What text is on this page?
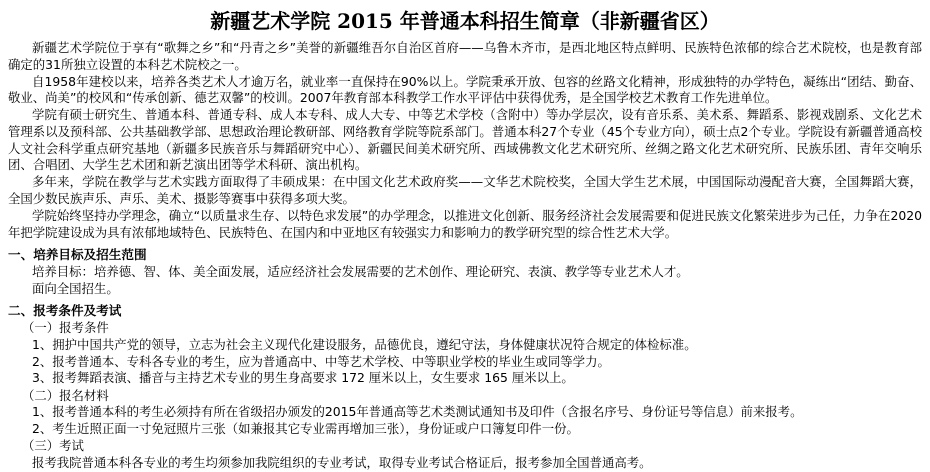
新疆艺术学院 2015 年普通本科招生简章（非新疆省区）

新疆艺术学院位于享有“歌舞之乡”和“丹青之乡”美誉的新疆维吾尔自治区首府——乌鲁木齐市，是西北地区特点鲜明、民族特色浓郁的综合艺术院校，也是教育部确定的31所独立设置的本科艺术院校之一。

自1958年建校以来，培养各类艺术人才逾万名，就业率一直保持在90%以上。学院秉承开放、包容的丝路文化精神，形成独特的办学特色，凝练出“团结、勤奋、敬业、尚美”的校风和“传承创新、德艺双馨”的校训。2007年教育部本科教学工作水平评估中获得优秀，是全国学校艺术教育工作先进单位。

学院有硕士研究生、普通本科、普通专科、成人本专科、成人大专、中等艺术学校（含附中）等办学层次，设有音乐系、美术系、舞蹈系、影视戏剧系、文化艺术管理系以及预科部、公共基础教学部、思想政治理论教研部、网络教育学院等院系部门。普通本科27个专业（45个专业方向），硕士点2个专业。学院设有新疆普通高校人文社会科学重点研究基地（新疆多民族音乐与舞蹈研究中心）、新疆民间美术研究所、西域佛教文化艺术研究所、丝绸之路文化艺术研究所、民族乐团、青年交响乐团、合唱团、大学生艺术团和新艺演出团等学术科研、演出机构。

多年来，学院在教学与艺术实践方面取得了丰硕成果：在中国文化艺术政府奖——文华艺术院校奖，全国大学生艺术展，中国国际动漫配音大赛，全国舞蹈大赛，全国少数民族声乐、声乐、美术、摄影等赛事中获得多项大奖。

学院始终坚持办学理念，确立“以质量求生存、以特色求发展”的办学理念，以推进文化创新、服务经济社会发展需要和促进民族文化繁荣进步为己任，力争在2020年把学院建设成为具有浓郁地域特色、民族特色、在国内和中亚地区有较强实力和影响力的教学研究型的综合性艺术大学。

一、培养目标及招生范围

培养目标：培养德、智、体、美全面发展，适应经济社会发展需要的艺术创作、理论研究、表演、教学等专业艺术人才。

面向全国招生。

二、报考条件及考试
（一）报考条件

1、拥护中国共产党的领导，立志为社会主义现代化建设服务，品德优良，遵纪守法，身体健康状况符合规定的体检标准。

2、报考普通本、专科各专业的考生，应为普通高中、中等艺术学校、中等职业学校的毕业生或同等学力。

3、报考舞蹈表演、播音与主持艺术专业的男生身高要求 172 厘米以上，女生要求 165 厘米以上。

（二）报名材料

1、报考普通本科的考生必须持有所在省级招办颁发的2015年普通高等艺术类测试通知书及印件（含报名序号、身份证号等信息）前来报考。

2、考生近照正面一寸免冠照片三张（如兼报其它专业需再增加三张），身份证或户口簿复印件一份。

（三）考试

报考我院普通本科各专业的考生均须参加我院组织的专业考试，取得专业考试合格证后，报考参加全国普通高考。
